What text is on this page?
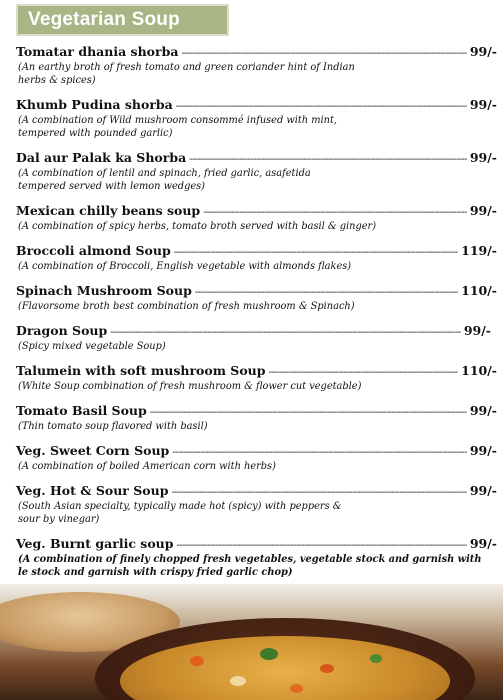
Vegetarian Soup
Tomatar dhania shorba -----	99/-
(An earthy broth of fresh tomato and green coriander hint of Indian herbs & spices)
Khumb Pudina shorba -----	99/-
(A combination of Wild mushroom consommé infused with mint, tempered with pounded garlic)
Dal aur Palak ka Shorba -----	99/-
(A combination of lentil and spinach, fried garlic, asafetida tempered served with lemon wedges)
Mexican chilly beans soup -----	99/-
(A combination of spicy herbs, tomato broth served with basil & ginger)
Broccoli almond Soup -----	119/-
(A combination of Broccoli, English vegetable with almonds flakes)
Spinach Mushroom Soup -----	110/-
(Flavorsome broth best combination of fresh mushroom & Spinach)
Dragon Soup -----	99/-
(Spicy mixed vegetable Soup)
Talumein with soft mushroom Soup -----	110/-
(White Soup combination of fresh mushroom & flower cut vegetable)
Tomato Basil Soup -----	99/-
(Thin tomato soup flavored with basil)
Veg. Sweet Corn Soup -----	99/-
(A combination of boiled American corn with herbs)
Veg. Hot & Sour Soup -----	99/-
(South Asian specialty, typically made hot (spicy) with peppers & sour by vinegar)
Veg. Burnt garlic soup -----	99/-
(A combination of finely chopped fresh vegetables, vegetable stock and garnish with le stock and garnish with crispy fried garlic chop)
